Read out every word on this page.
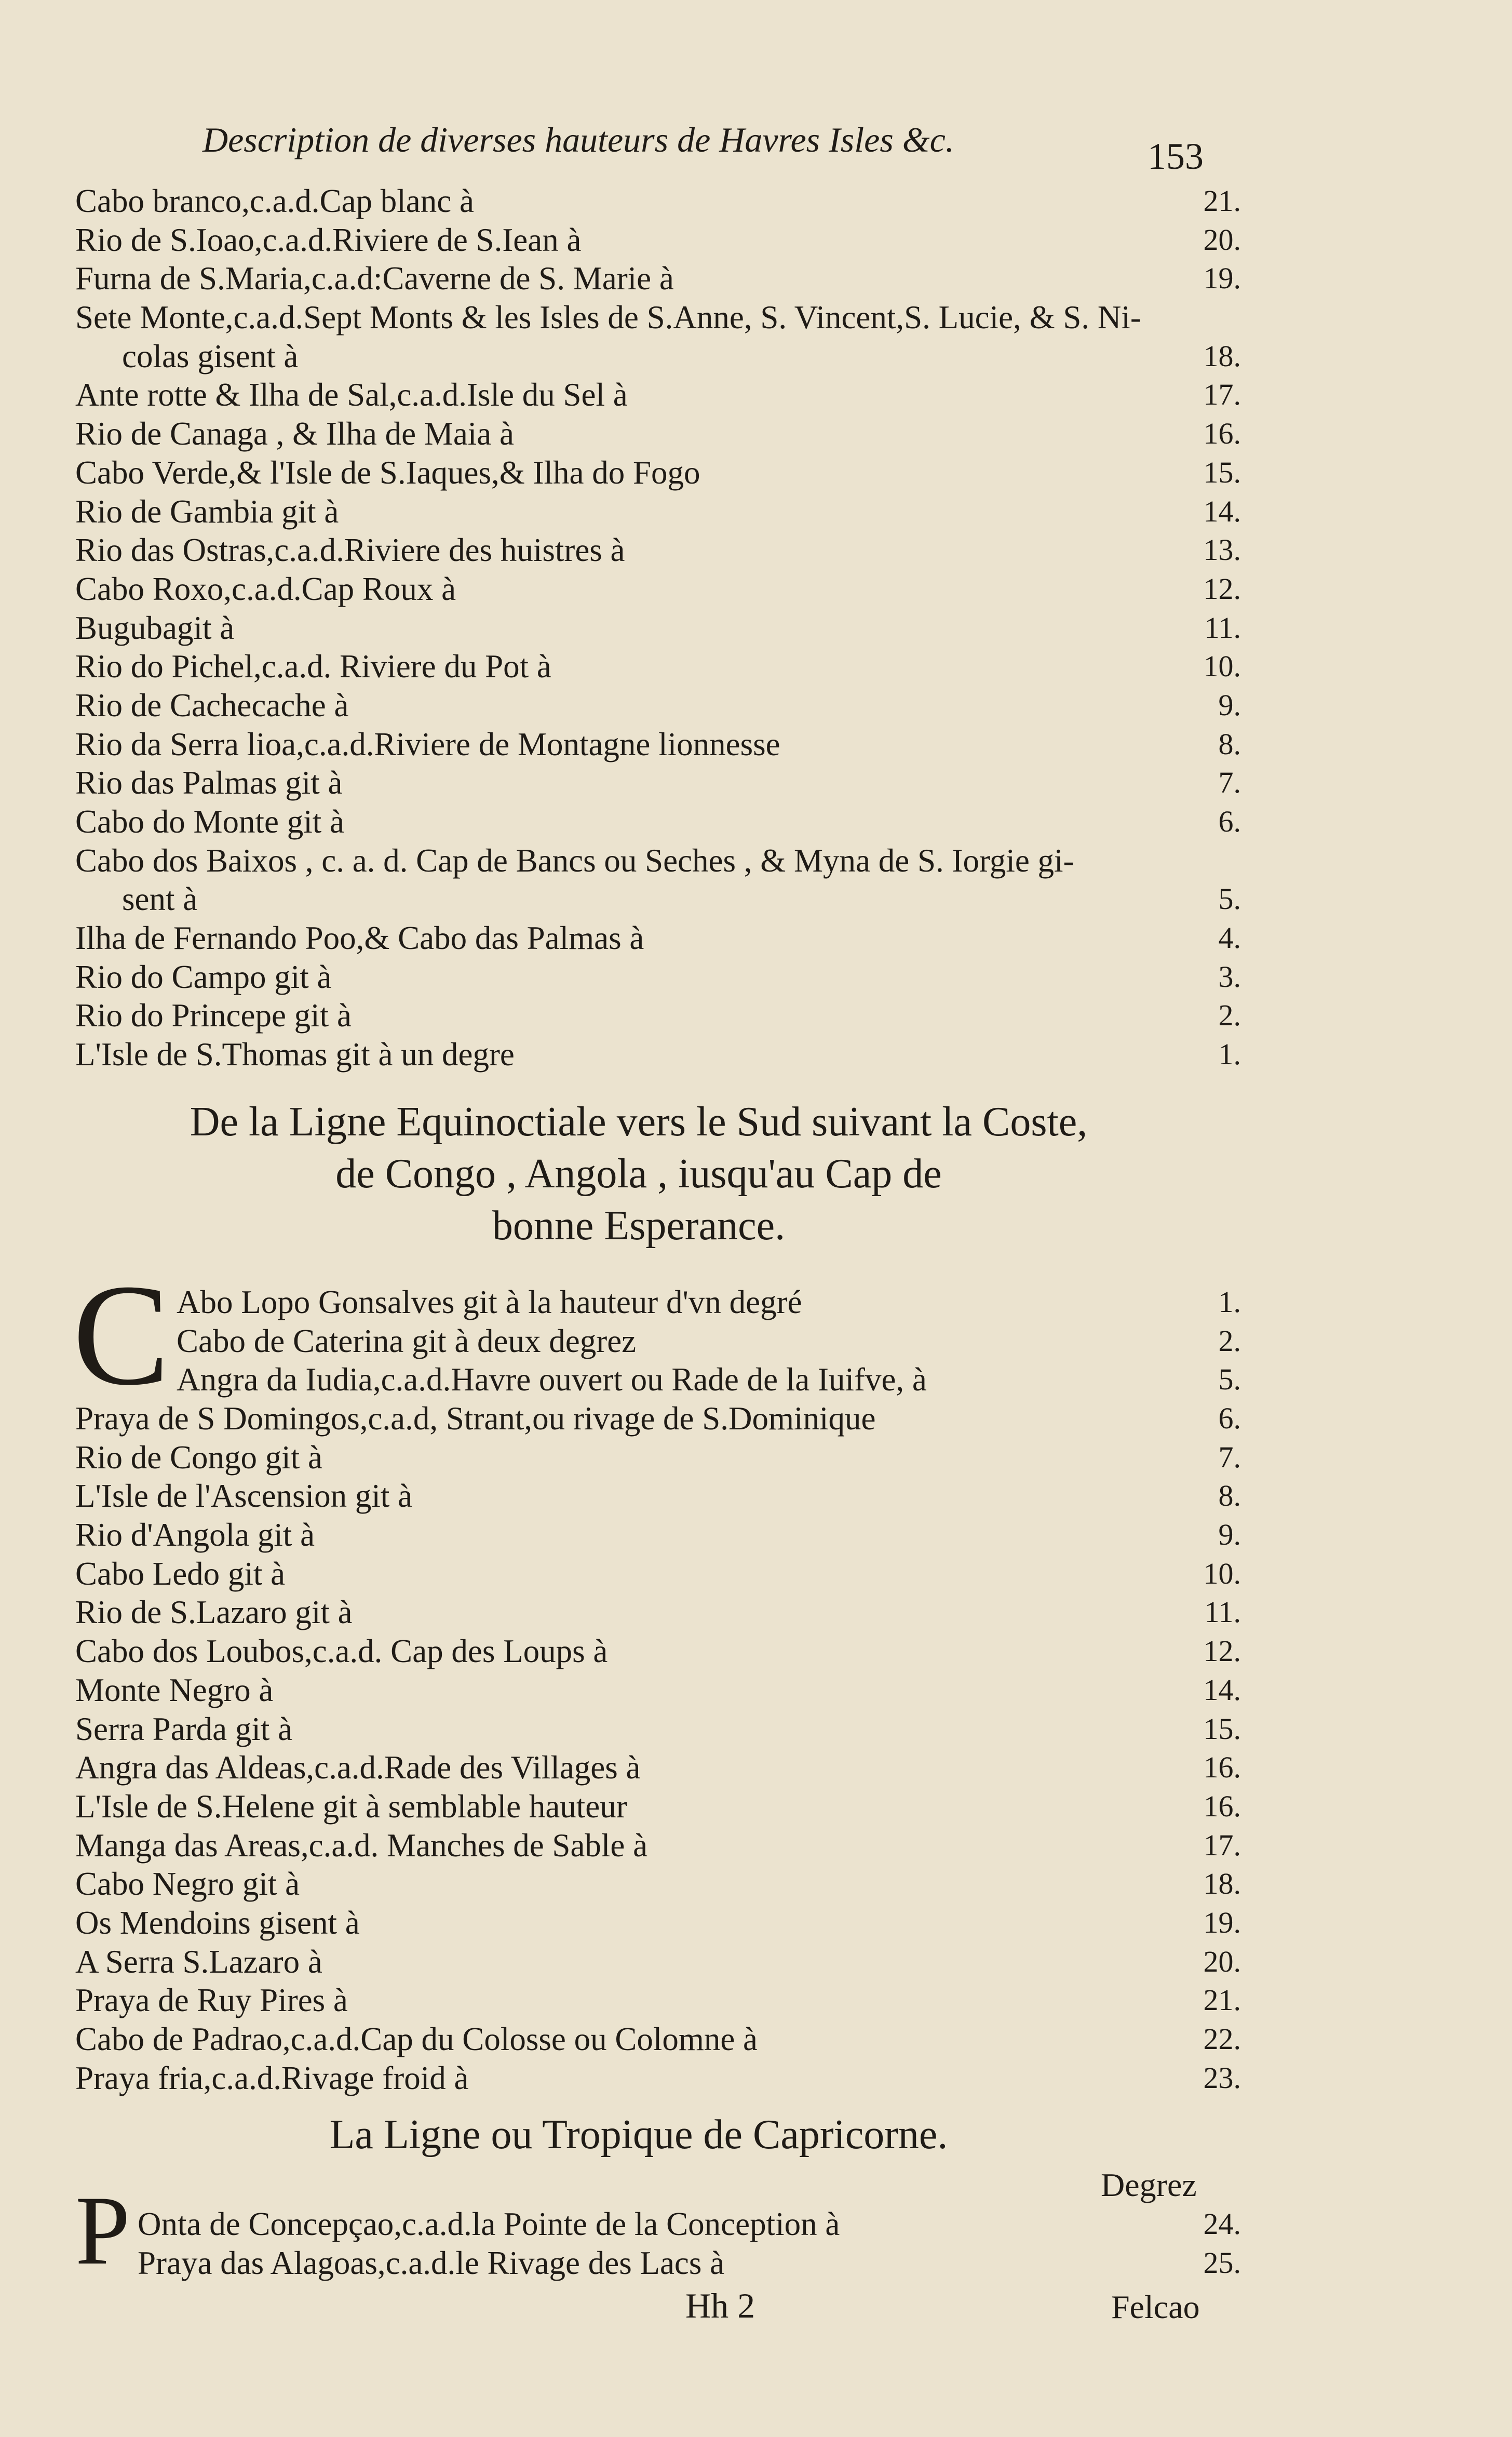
Description de diverses hauteurs de Havres Isles &c.	153
Cabo branco,c.a.d.Cap blanc à	21.
Rio de S.Ioao,c.a.d.Riviere de S.Iean à	20.
Furna de S.Maria,c.a.d:Caverne de S. Marie à	19.
Sete Monte,c.a.d.Sept Monts & les Isles de S.Anne, S. Vincent,S. Lucie, & S. Ni-
colas gisent à	18.
Ante rotte & Ilha de Sal,c.a.d.Isle du Sel à	17.
Rio de Canaga , & Ilha de Maia à	16.
Cabo Verde,& l'Isle de S.Iaques,& Ilha do Fogo	15.
Rio de Gambia git à	14.
Rio das Ostras,c.a.d.Riviere des huistres à	13.
Cabo Roxo,c.a.d.Cap Roux à	12.
Bugubagit à	11.
Rio do Pichel,c.a.d. Riviere du Pot à	10.
Rio de Cachecache à	9.
Rio da Serra lioa,c.a.d.Riviere de Montagne lionnesse	8.
Rio das Palmas git à	7.
Cabo do Monte git à	6.
Cabo dos Baixos , c. a. d. Cap de Bancs ou Seches , & Myna de S. Iorgie gi-
sent à	5.
Ilha de Fernando Poo,& Cabo das Palmas à	4.
Rio do Campo git à	3.
Rio do Princepe git à	2.
L'Isle de S.Thomas git à un degre	1.
De la Ligne Equinoctiale vers le Sud suivant la Coste,
de Congo , Angola , iusqu'au Cap de
bonne Esperance.
C Abo Lopo Gonsalves git à la hauteur d'vn degré	1.
Cabo de Caterina git à deux degrez	2.
Angra da Iudia,c.a.d.Havre ouvert ou Rade de la Iuifve, à	5.
Praya de S Domingos,c.a.d, Strant,ou rivage de S.Dominique	6.
Rio de Congo git à	7.
L'Isle de l'Ascension git à	8.
Rio d'Angola git à	9.
Cabo Ledo git à	10.
Rio de S.Lazaro git à	11.
Cabo dos Loubos,c.a.d. Cap des Loups à	12.
Monte Negro à	14.
Serra Parda git à	15.
Angra das Aldeas,c.a.d.Rade des Villages à	16.
L'Isle de S.Helene git à semblable hauteur	16.
Manga das Areas,c.a.d. Manches de Sable à	17.
Cabo Negro git à	18.
Os Mendoins gisent à	19.
A Serra S.Lazaro à	20.
Praya de Ruy Pires à	21.
Cabo de Padrao,c.a.d.Cap du Colosse ou Colomne à	22.
Praya fria,c.a.d.Rivage froid à	23.
La Ligne ou Tropique de Capricorne.
Degrez
P Onta de Concepçao,c.a.d.la Pointe de la Conception à	24.
Praya das Alagoas,c.a.d.le Rivage des Lacs à	25.
Hh 2	Felcao
